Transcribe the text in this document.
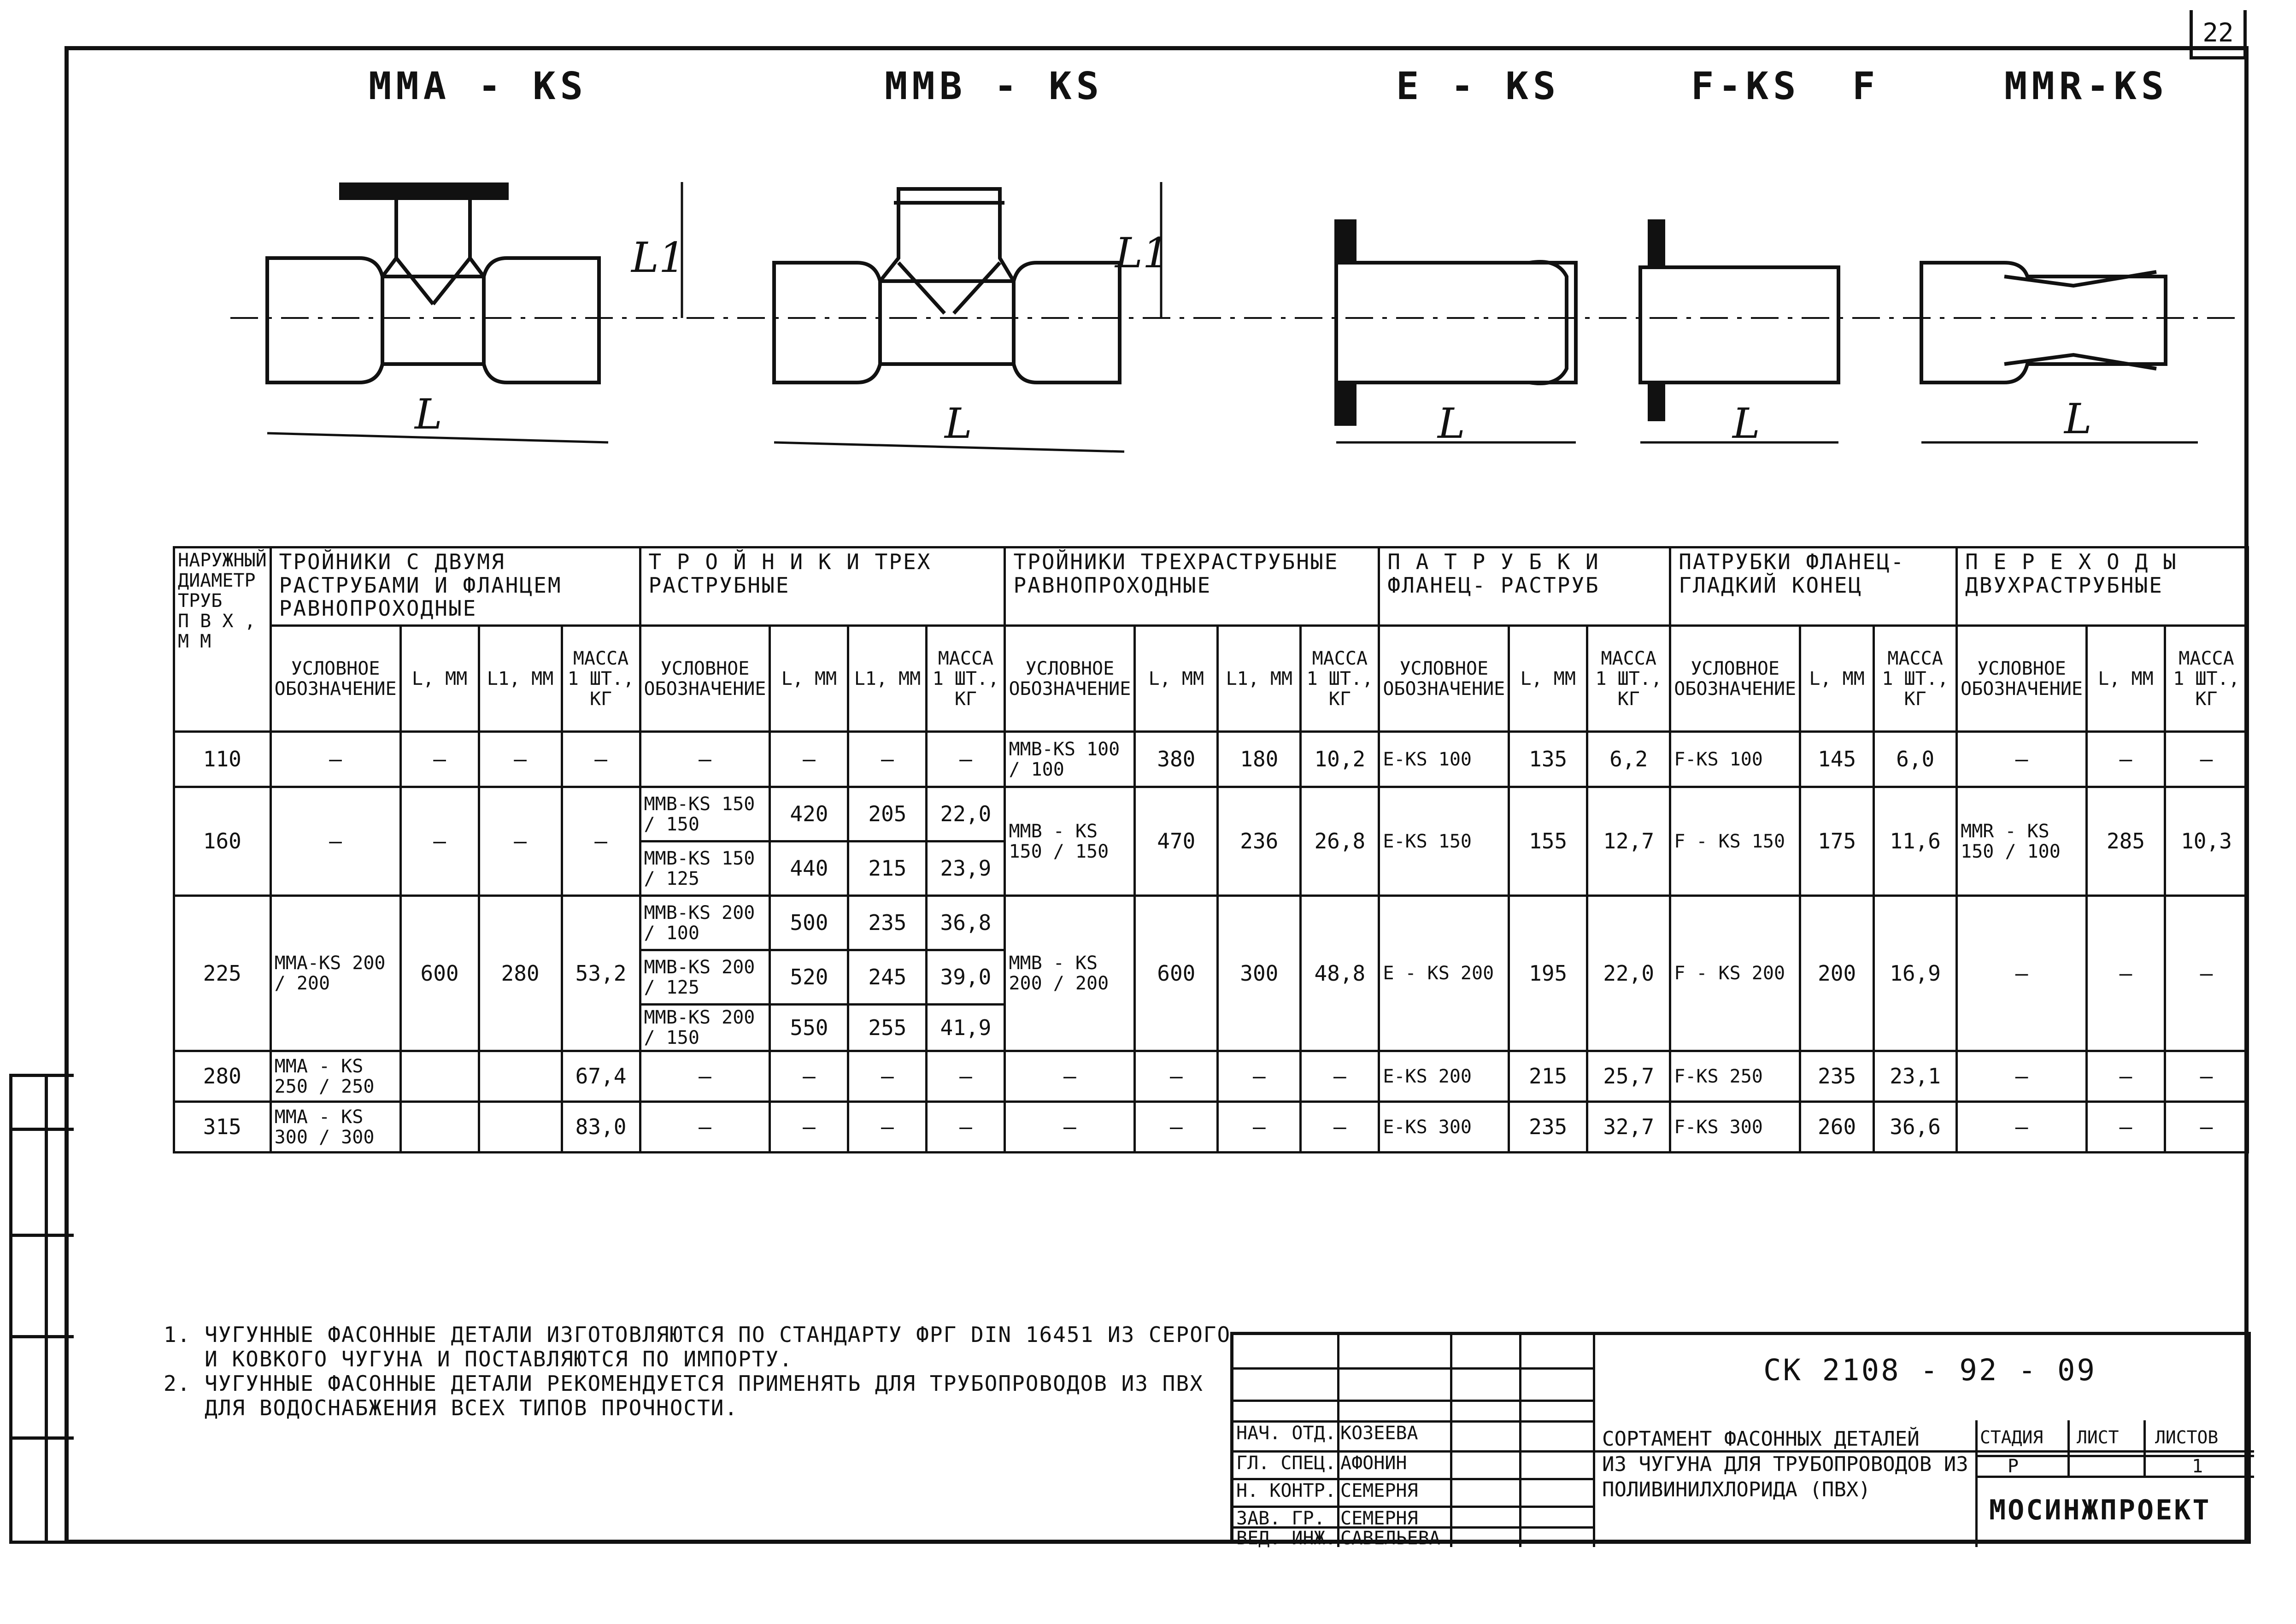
22
ММA - KS	ММB - KS	E - KS	F-KS F	MMR-KS
L
L1
L
L1
L	L	L
НАРУЖНЫЙ
ДИАМЕТР
ТРУБ
П В Х ,
М М	ТРОЙНИКИ С ДВУМЯ РАСТРУБАМИ И ФЛАНЦЕМ РАВНОПРОХОДНЫЕ				Т Р О Й Н И К И ТРЕХ РАСТРУБНЫЕ				ТРОЙНИКИ ТРЕХРАСТРУБНЫЕ РАВНОПРОХОДНЫЕ				П А Т Р У Б К И ФЛАНЕЦ- РАСТРУБ			ПАТРУБКИ ФЛАНЕЦ- ГЛАДКИЙ КОНЕЦ			П Е Р Е Х О Д Ы ДВУХРАСТРУБНЫЕ		
	УСЛОВНОЕ ОБОЗНАЧЕНИЕ	L, ММ	L1, ММ	МАССА 1 ШТ., КГ	УСЛОВНОЕ ОБОЗНАЧЕНИЕ	L, ММ	L1, ММ	МАССА 1 ШТ., КГ	УСЛОВНОЕ ОБОЗНАЧЕНИЕ	L, ММ	L1, ММ	МАССА 1 ШТ., КГ	УСЛОВНОЕ ОБОЗНАЧЕНИЕ	L, ММ	МАССА 1 ШТ., КГ	УСЛОВНОЕ ОБОЗНАЧЕНИЕ	L, ММ	МАССА 1 ШТ., КГ	УСЛОВНОЕ ОБОЗНАЧЕНИЕ	L, ММ	МАССА 1 ШТ., КГ
110	—	—	—	—	—	—	—	—	ММB-KS 100 / 100	380	180	10,2	E-KS 100	135	6,2	F-KS 100	145	6,0	—	—	—
160	—	—	—	—	ММB-KS 150 / 150	420	205	22,0	ММB - KS 150 / 150	470	236	26,8	E-KS 150	155	12,7	F - KS 150	175	11,6	ММR - KS 150 / 100	285	10,3
					ММB-KS 150 / 125	440	215	23,9													
225	ММA-KS 200 / 200	600	280	53,2	ММB-KS 200 / 100	500	235	36,8	ММB - KS 200 / 200	600	300	48,8	E - KS 200	195	22,0	F - KS 200	200	16,9	—	—	—
					ММB-KS 200 / 125	520	245	39,0													
					ММB-KS 200 / 150	550	255	41,9													
280	ММA - KS 250 / 250			67,4	—	—	—	—	—	—	—	—	E-KS 200	215	25,7	F-KS 250	235	23,1	—	—	—
315	ММA - KS 300 / 300			83,0	—	—	—	—	—	—	—	—	E-KS 300	235	32,7	F-KS 300	260	36,6	—	—	—
1. ЧУГУННЫЕ ФАСОННЫЕ ДЕТАЛИ ИЗГОТОВЛЯЮТСЯ ПО СТАНДАРТУ ФРГ DIN 16451 ИЗ СЕРОГО
И КОВКОГО ЧУГУНА И ПОСТАВЛЯЮТСЯ ПО ИМПОРТУ.
2. ЧУГУННЫЕ ФАСОННЫЕ ДЕТАЛИ РЕКОМЕНДУЕТСЯ ПРИМЕНЯТЬ ДЛЯ ТРУБОПРОВОДОВ ИЗ ПВХ
ДЛЯ ВОДОСНАБЖЕНИЯ ВСЕХ ТИПОВ ПРОЧНОСТИ.
СК 2108 - 92 - 09
НАЧ. ОТД.
ГЛ. СПЕЦ.
Н. КОНТР.
ЗАВ. ГР.
ВЕД. ИНЖ.
КОЗЕЕВА
АФОНИН
СЕМЕРНЯ
СЕМЕРНЯ
САВЕЛЬЕВА
СОРТАМЕНТ ФАСОННЫХ ДЕТАЛЕЙ
ИЗ ЧУГУНА ДЛЯ ТРУБОПРОВОДОВ ИЗ
ПОЛИВИНИЛХЛОРИДА (ПВХ)
СТАДИЯ ЛИСТ ЛИСТОВ
Р	1
МОСИНЖПРОЕКТ
